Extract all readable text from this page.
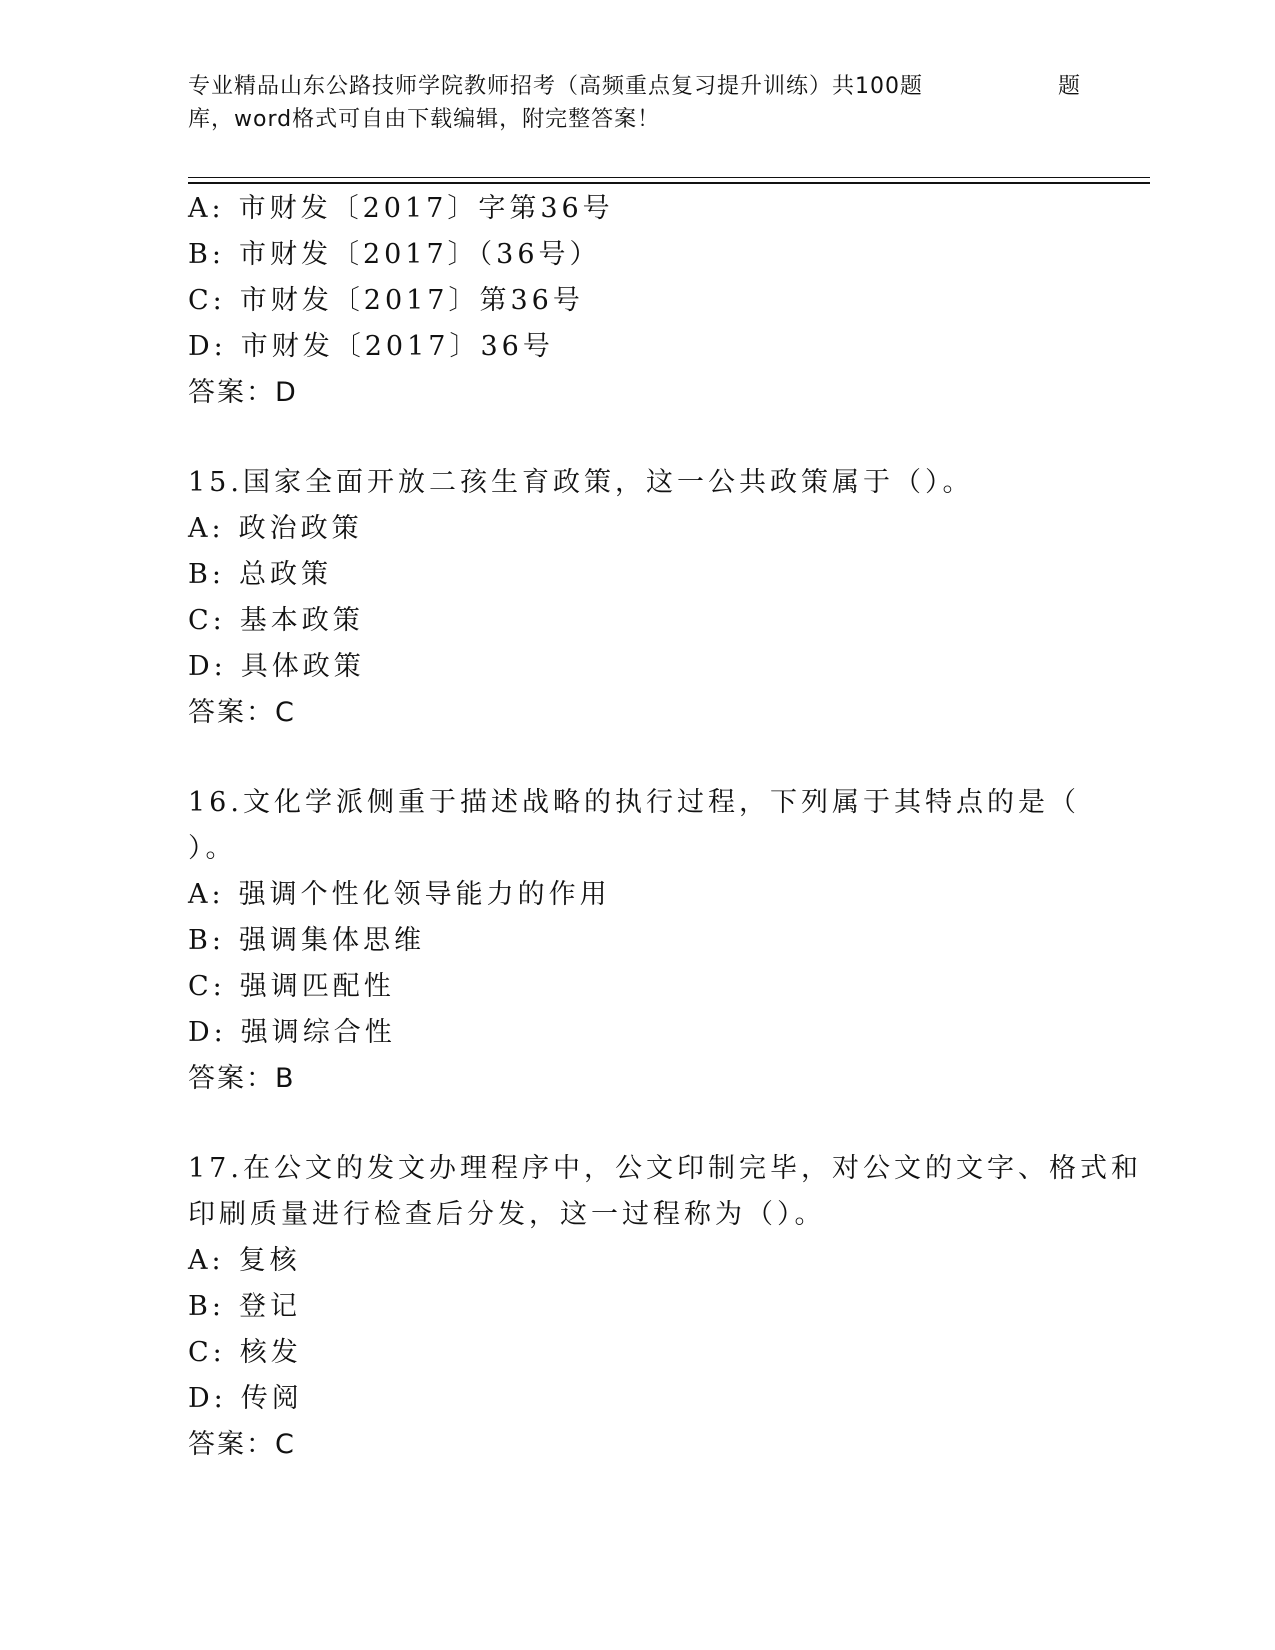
专业精品山东公路技师学院教师招考（高频重点复习提升训练）共100题	题
库，word格式可自由下载编辑，附完整答案！
A: 市财发〔2017〕字第36号
B: 市财发〔2017〕（36号）
C: 市财发〔2017〕第36号
D: 市财发〔2017〕36号
答案：D
15.国家全面开放二孩生育政策，这一公共政策属于（）。
A: 政治政策
B: 总政策
C: 基本政策
D: 具体政策
答案：C
16.文化学派侧重于描述战略的执行过程，下列属于其特点的是（
）。
A: 强调个性化领导能力的作用
B: 强调集体思维
C: 强调匹配性
D: 强调综合性
答案：B
17.在公文的发文办理程序中，公文印制完毕，对公文的文字、格式和
印刷质量进行检查后分发，这一过程称为（）。
A: 复核
B: 登记
C: 核发
D: 传阅
答案：C
